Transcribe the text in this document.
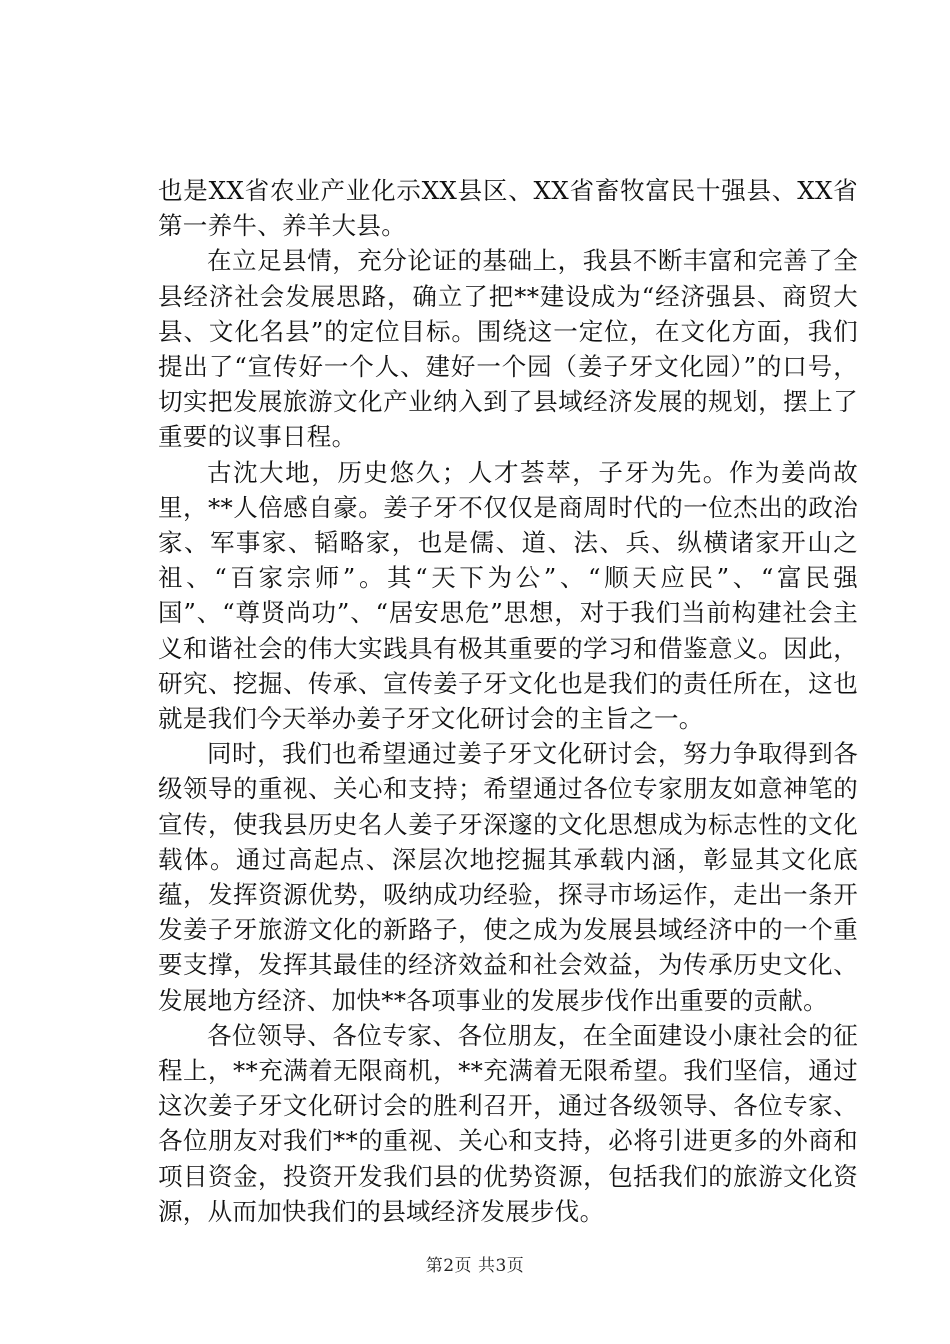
也是XX省农业产业化示XX县区、XX省畜牧富民十强县、XX省第一养牛、养羊大县。

在立足县情，充分论证的基础上，我县不断丰富和完善了全县经济社会发展思路，确立了把**建设成为“经济强县、商贸大县、文化名县”的定位目标。围绕这一定位，在文化方面，我们提出了“宣传好一个人、建好一个园（姜子牙文化园）”的口号，切实把发展旅游文化产业纳入到了县域经济发展的规划，摆上了重要的议事日程。

古沈大地，历史悠久；人才荟萃，子牙为先。作为姜尚故里，**人倍感自豪。姜子牙不仅仅是商周时代的一位杰出的政治家、军事家、韬略家，也是儒、道、法、兵、纵横诸家开山之祖、“百家宗师”。其“天下为公”、“顺天应民”、“富民强国”、“尊贤尚功”、“居安思危”思想，对于我们当前构建社会主义和谐社会的伟大实践具有极其重要的学习和借鉴意义。因此，研究、挖掘、传承、宣传姜子牙文化也是我们的责任所在，这也就是我们今天举办姜子牙文化研讨会的主旨之一。

同时，我们也希望通过姜子牙文化研讨会，努力争取得到各级领导的重视、关心和支持；希望通过各位专家朋友如意神笔的宣传，使我县历史名人姜子牙深邃的文化思想成为标志性的文化载体。通过高起点、深层次地挖掘其承载内涵，彰显其文化底蕴，发挥资源优势，吸纳成功经验，探寻市场运作，走出一条开发姜子牙旅游文化的新路子，使之成为发展县域经济中的一个重要支撑，发挥其最佳的经济效益和社会效益，为传承历史文化、发展地方经济、加快**各项事业的发展步伐作出重要的贡献。

各位领导、各位专家、各位朋友，在全面建设小康社会的征程上，**充满着无限商机，**充满着无限希望。我们坚信，通过这次姜子牙文化研讨会的胜利召开，通过各级领导、各位专家、各位朋友对我们**的重视、关心和支持，必将引进更多的外商和项目资金，投资开发我们县的优势资源，包括我们的旅游文化资源，从而加快我们的县域经济发展步伐。

第2页 共3页
